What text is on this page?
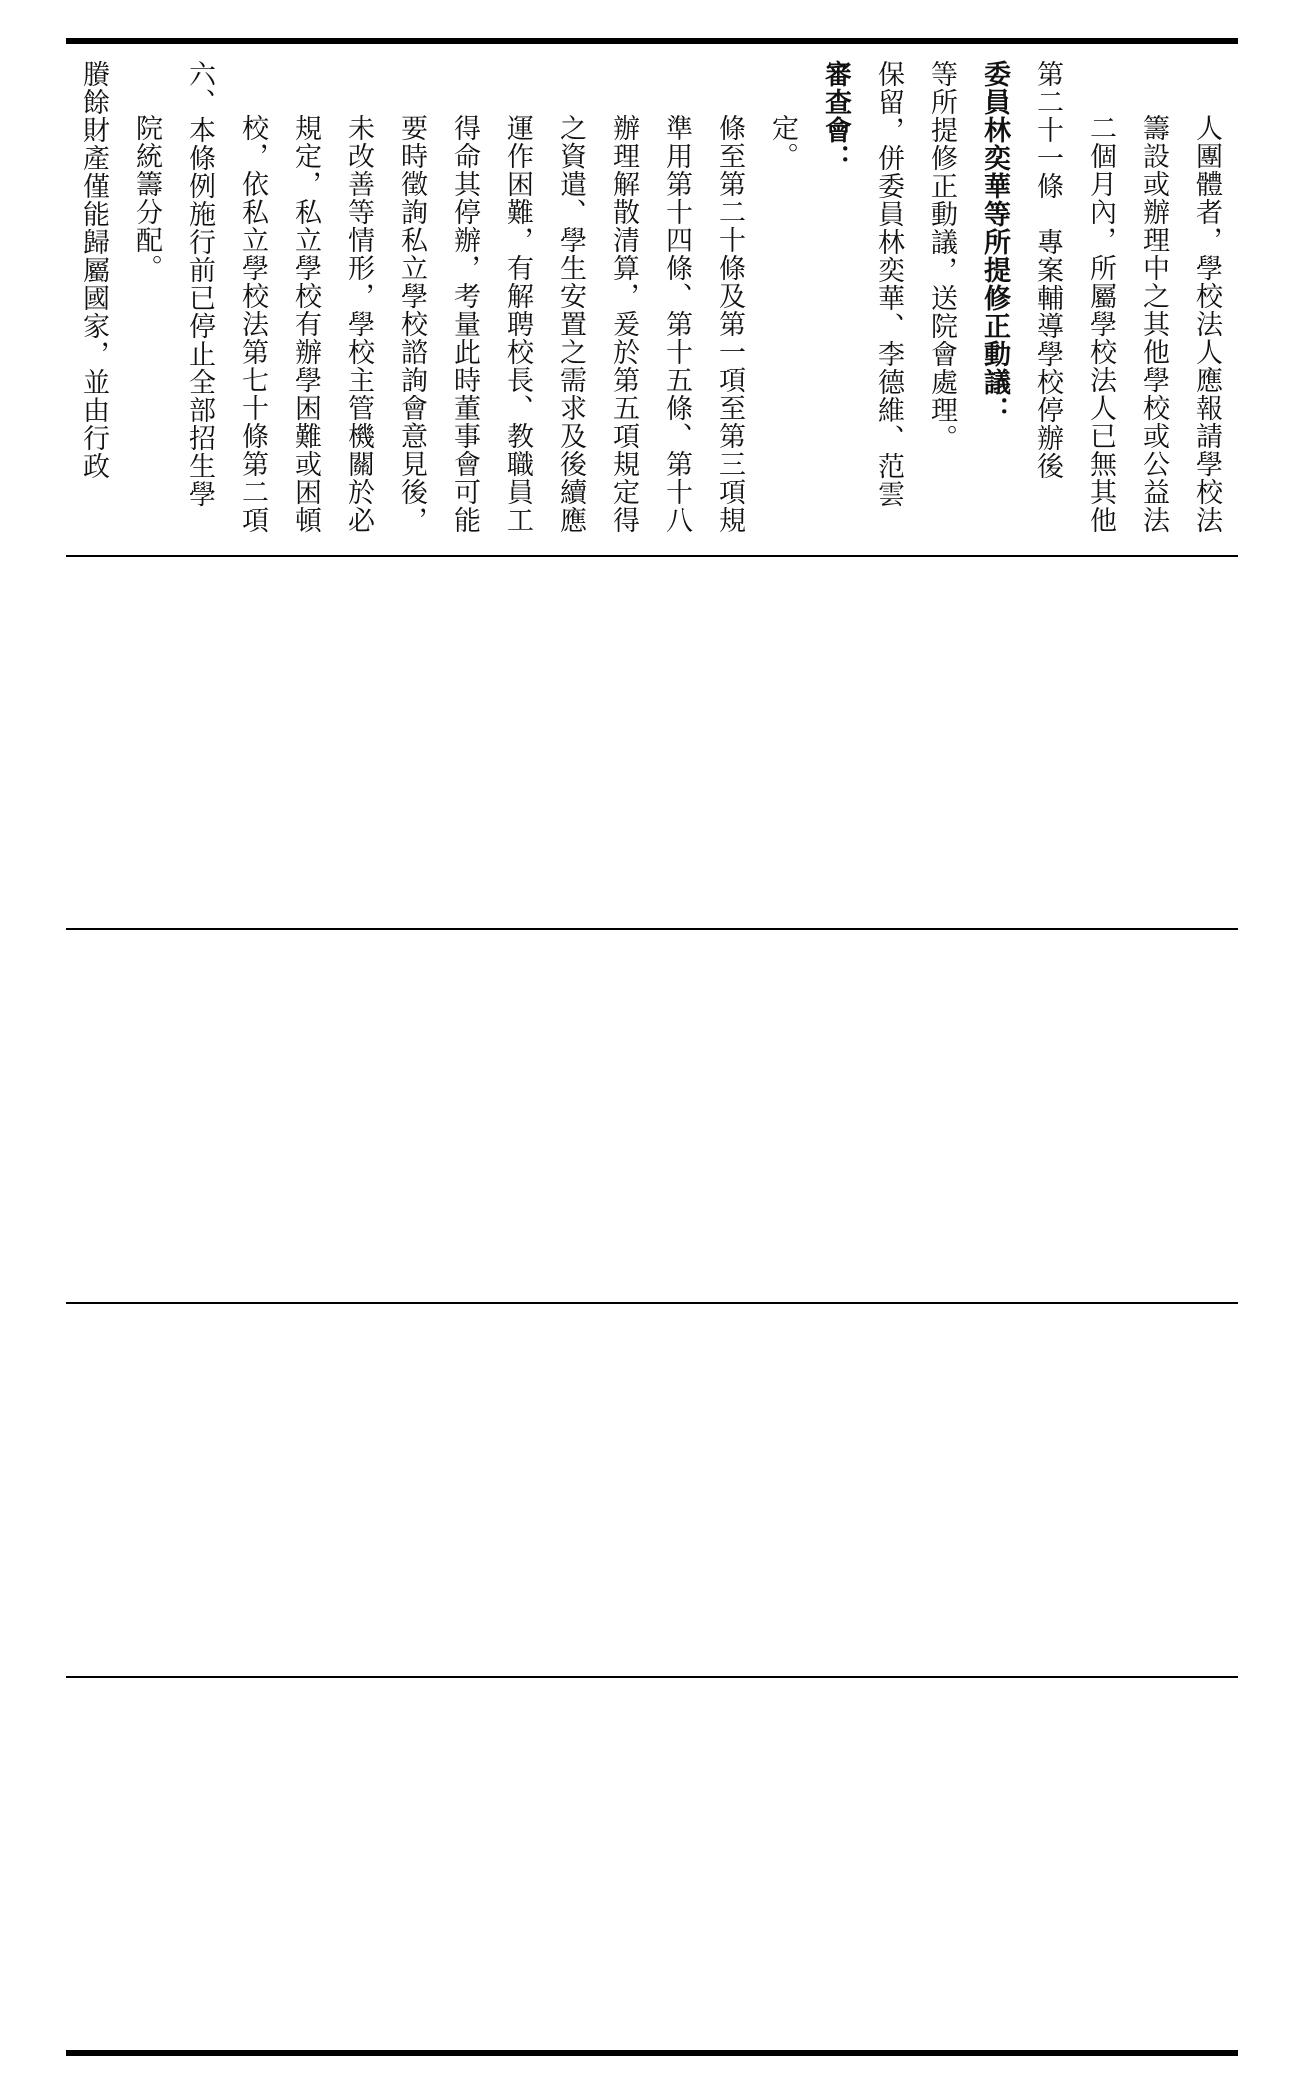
賸餘財產僅能歸屬國家，並由行政 院統籌分配。 六、本條例施行前已停止全部招生學 校，依私立學校法第七十條第二項 規定，私立學校有辦學困難或困頓 未改善等情形，學校主管機關於必 要時徵詢私立學校諮詢會意見後， 得命其停辦，考量此時董事會可能 運作困難，有解聘校長、教職員工 之資遣、學生安置之需求及後續應 辦理解散清算，爰於第五項規定得 準用第十四條、第十五條、第十八 條至第二十條及第一項至第三項規 定。 審查會： 保留，併委員林奕華、李德維、范雲 等所提修正動議，送院會處理。 委員林奕華等所提修正動議： 第二十一條　專案輔導學校停辦後 二個月內，所屬學校法人已無其他 籌設或辦理中之其他學校或公益法 人團體者，學校法人應報請學校法
